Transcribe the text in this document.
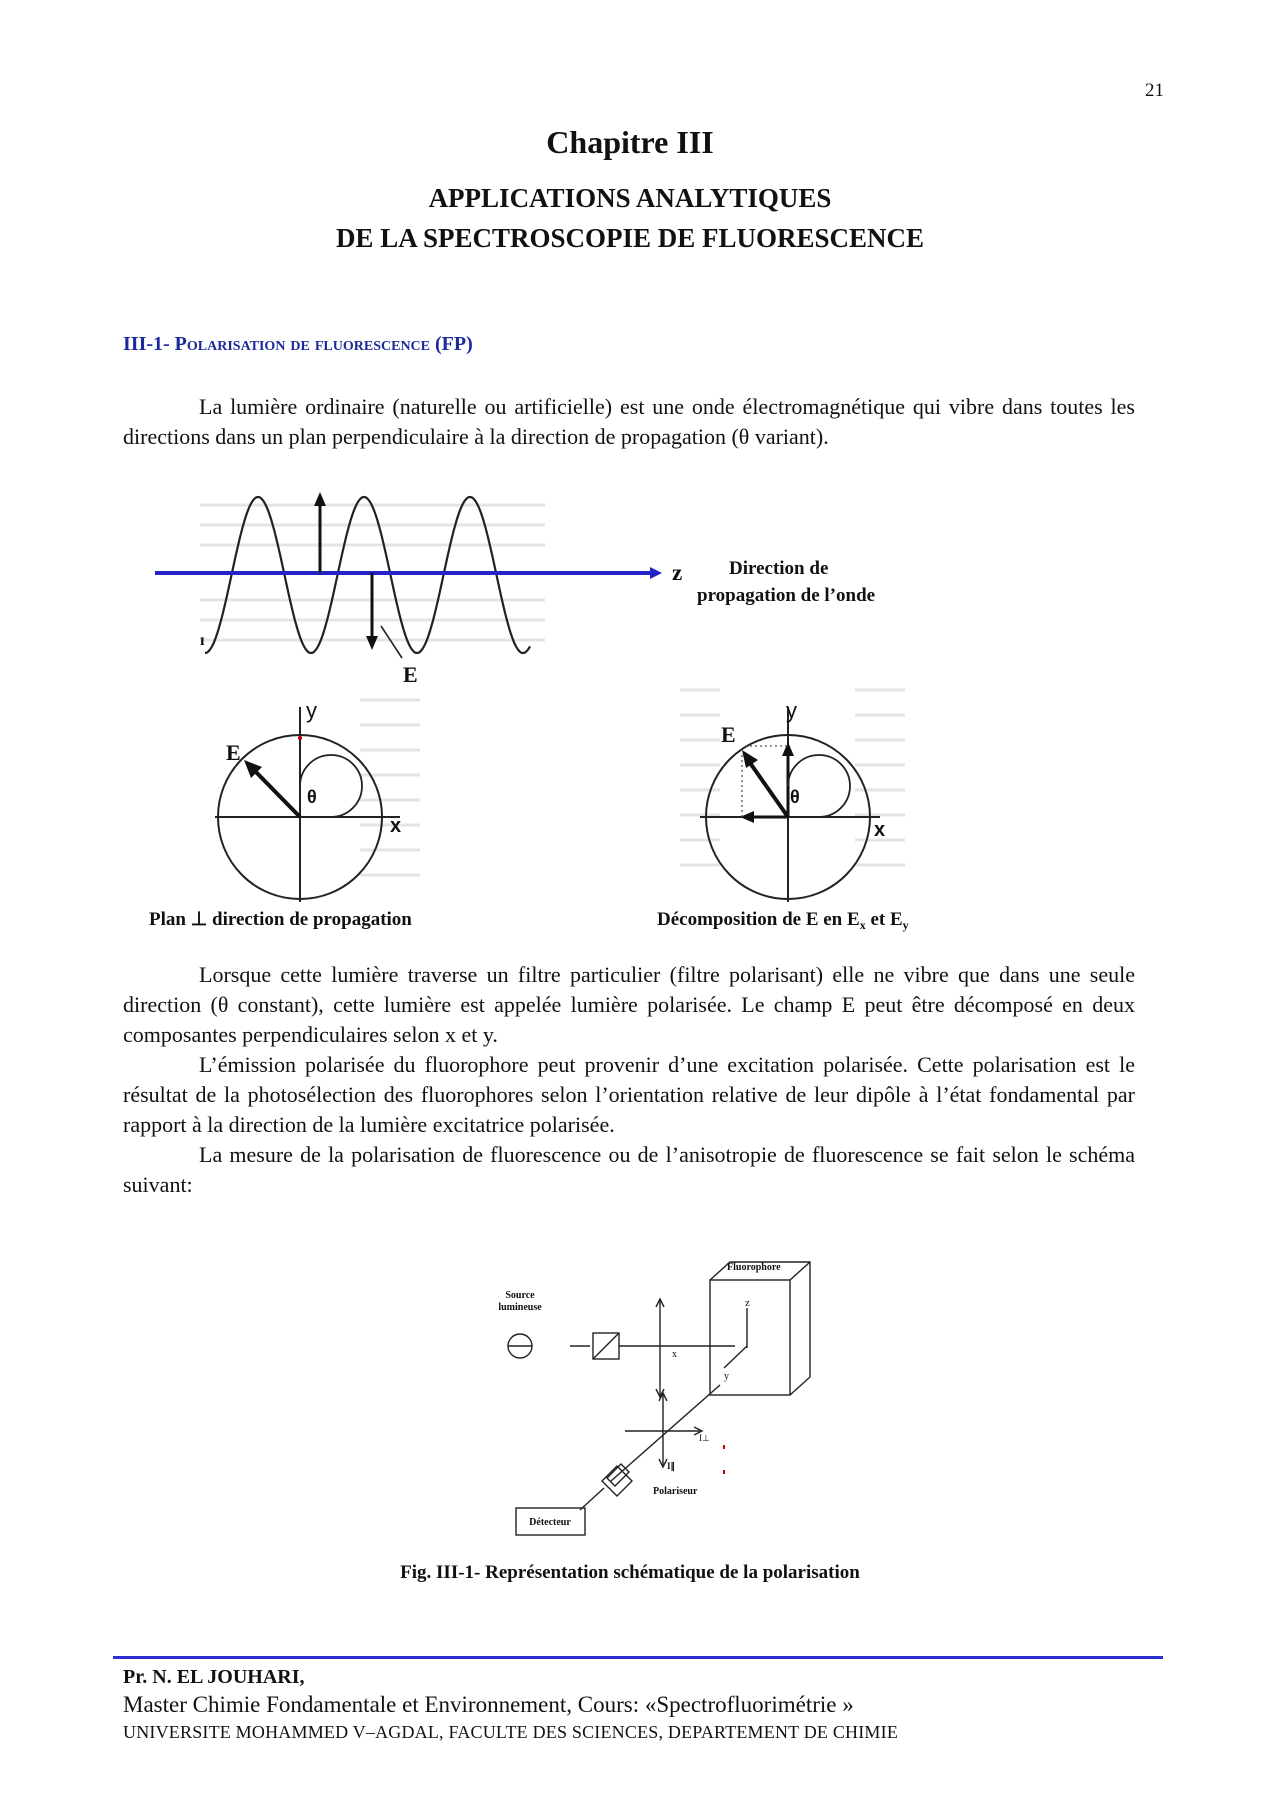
21
Chapitre III
APPLICATIONS ANALYTIQUES
DE LA SPECTROSCOPIE DE FLUORESCENCE
III-1- Polarisation de fluorescence (FP)
La lumière ordinaire (naturelle ou artificielle) est une onde électromagnétique qui vibre dans toutes les directions dans un plan perpendiculaire à la direction de propagation (θ variant).
ɪ
z Direction de
propagation de l’onde
E
E
y
x
θ
E
y
x
θ
Plan ⊥ direction de propagation	Décomposition de E en $E_x$ et $E_y$
Source
lumineuse
Fluorophore
z
x
y
I⊥
I∥
Polariseur
Détecteur
Lorsque cette lumière traverse un filtre particulier (filtre polarisant) elle ne vibre que dans une seule direction (θ constant), cette lumière est appelée lumière polarisée. Le champ E peut être décomposé en deux composantes perpendiculaires selon x et y.
L’émission polarisée du fluorophore peut provenir d’une excitation polarisée. Cette polarisation est le résultat de la photosélection des fluorophores selon l’orientation relative de leur dipôle à l’état fondamental par rapport à la direction de la lumière excitatrice polarisée.
La mesure de la polarisation de fluorescence ou de l’anisotropie de fluorescence se fait selon le schéma suivant:
Fig. III-1- Représentation schématique de la polarisation
Pr. N. EL JOUHARI,
Master Chimie Fondamentale et Environnement, Cours: «Spectrofluorimétrie »
UNIVERSITE MOHAMMED V–AGDAL, FACULTE DES SCIENCES, DEPARTEMENT DE CHIMIE
